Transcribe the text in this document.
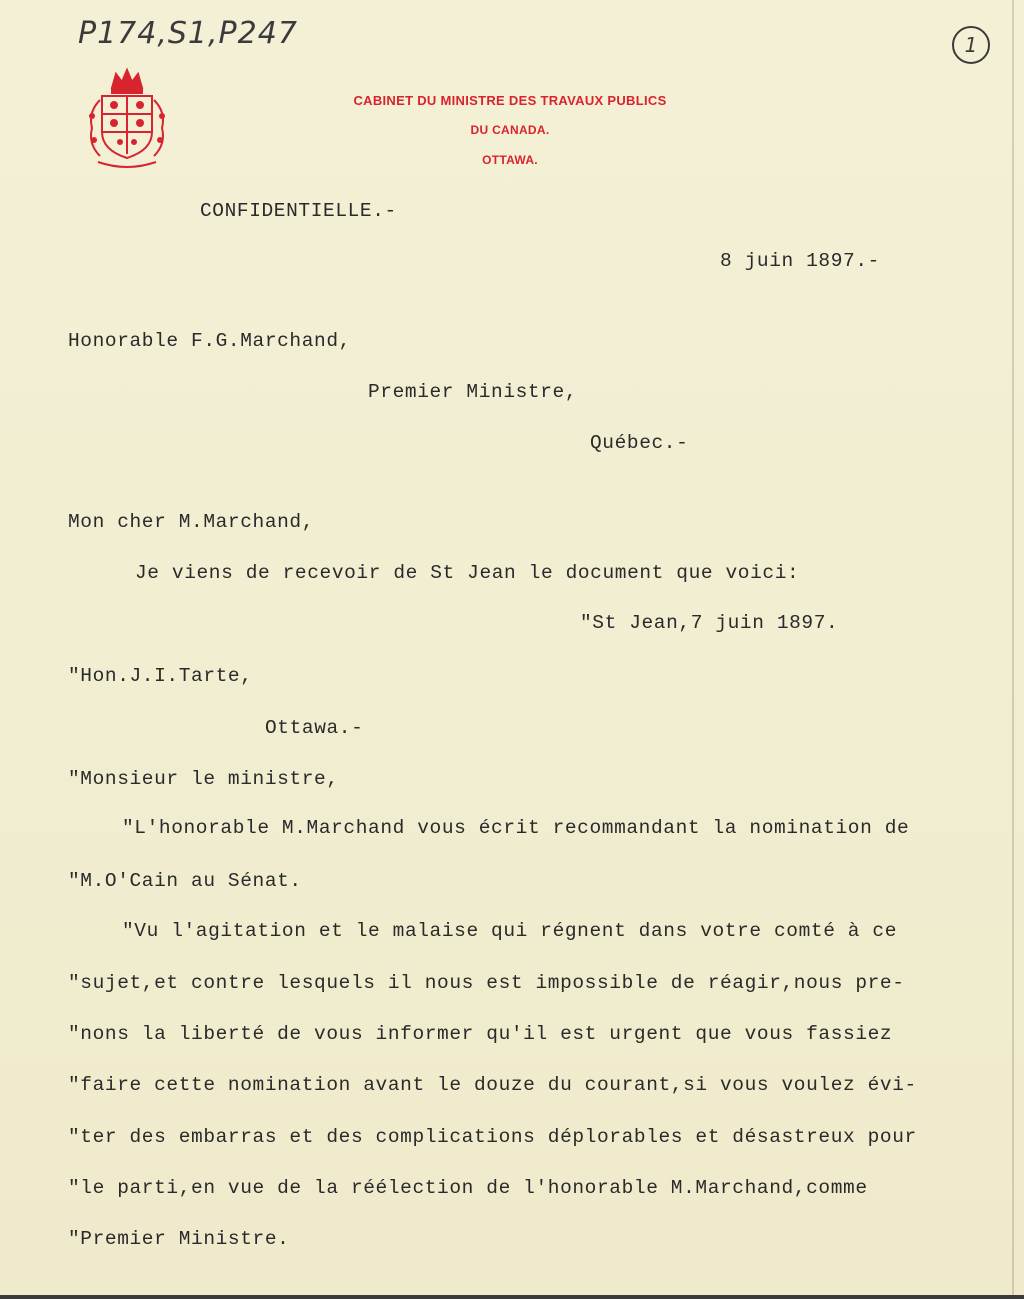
P174,S1,P247	1
CABINET DU MINISTRE DES TRAVAUX PUBLICS
DU CANADA.
OTTAWA.
CONFIDENTIELLE.-
8 juin 1897.-
Honorable F.G.Marchand,
Premier Ministre,
Québec.-
Mon cher M.Marchand,
Je viens de recevoir de St Jean le document que voici:
"St Jean,7 juin 1897.
"Hon.J.I.Tarte,
Ottawa.-
"Monsieur le ministre,
"L'honorable M.Marchand vous écrit recommandant la nomination de
"M.O'Cain au Sénat.
"Vu l'agitation et le malaise qui régnent dans votre comté à ce
"sujet,et contre lesquels il nous est impossible de réagir,nous pre-
"nons la liberté de vous informer qu'il est urgent que vous fassiez
"faire cette nomination avant le douze du courant,si vous voulez évi-
"ter des embarras et des complications déplorables et désastreux pour
"le parti,en vue de la réélection de l'honorable M.Marchand,comme
"Premier Ministre.
